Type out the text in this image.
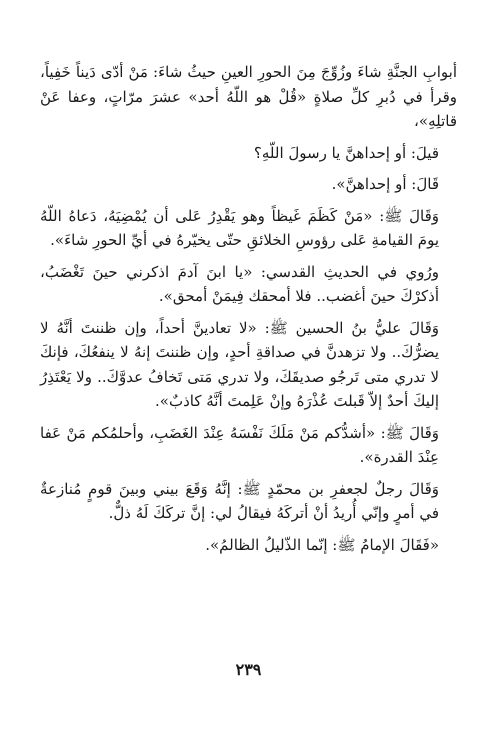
أبوابِ الجنَّةِ شاءَ وزُوِّجَ مِنَ الحورِ العينِ حيثُ شاءَ: مَنْ أدّى دَيناً خَفِياً، وقرأ في دُبرِ كلِّ صلاةٍ «قُلْ هو اللّهُ أحد» عشرَ مرّاتٍ، وعفا عَنْ قاتلِهِ»،

قيلَ: أو إحداهنَّ يا رسولَ اللّهِ؟

قَالَ: أو إحداهنَّ».

وَقَالَ ﷺ: «مَنْ كَظَمَ غَيظاً وهو يَقْدِرُ عَلى أن يُمْضِيَهُ، دَعاهُ اللّهُ يومَ القيامةِ عَلى رؤوسِ الخلائقِ حتّى يخيّرهُ في أيِّ الحورِ شاءَ».

ورُوي في الحديثِ القدسي: «يا ابنَ آدمَ اذكرني حينَ تَغْضَبُ، أذكرْكَ حينَ أغضب.. فلا أمحقك فِيمَنْ أمحق».

وَقَالَ عليُّ بنُ الحسين ﷺ: «لا تعادينَّ أحداً، وإن ظننتَ أنَّهُ لا يضرُّكَ.. ولا تزهدنَّ في صداقةِ أحدٍ، وإن ظننتَ إنهُ لا ينفعُكَ، فإنكَ لا تدري متى تَرجُو صديقَكَ، ولا تدري مَتى تَخافُ عدوَّكَ.. ولا يَعْتَذِرُ إليكَ أحدٌ إلاّ قَبلتَ عُذْرَهُ وإنْ عَلِمتَ أنَّهُ كاذبٌ».

وَقَالَ ﷺ: «أشدُّكم مَنْ مَلَكَ نَفْسَهُ عِنْدَ الغَضَبِ، وأحلمُكم مَنْ عَفا عِنْدَ القدرة».

وَقَالَ رجلٌ لجعفرِ بن محمّدٍ ﷺ: إنَّهُ وَقَعَ بيني وبينَ قومٍ مُنازعةٌ في أمرٍ وإنّي أُريدُ أنْ أتركَهُ فيقالُ لي: إنَّ تركَكَ لَهُ ذلٌّ.

«فَقَالَ الإمامُ ﷺ: إنّما الذّليلُ الظالمُ».

٢٣٩
